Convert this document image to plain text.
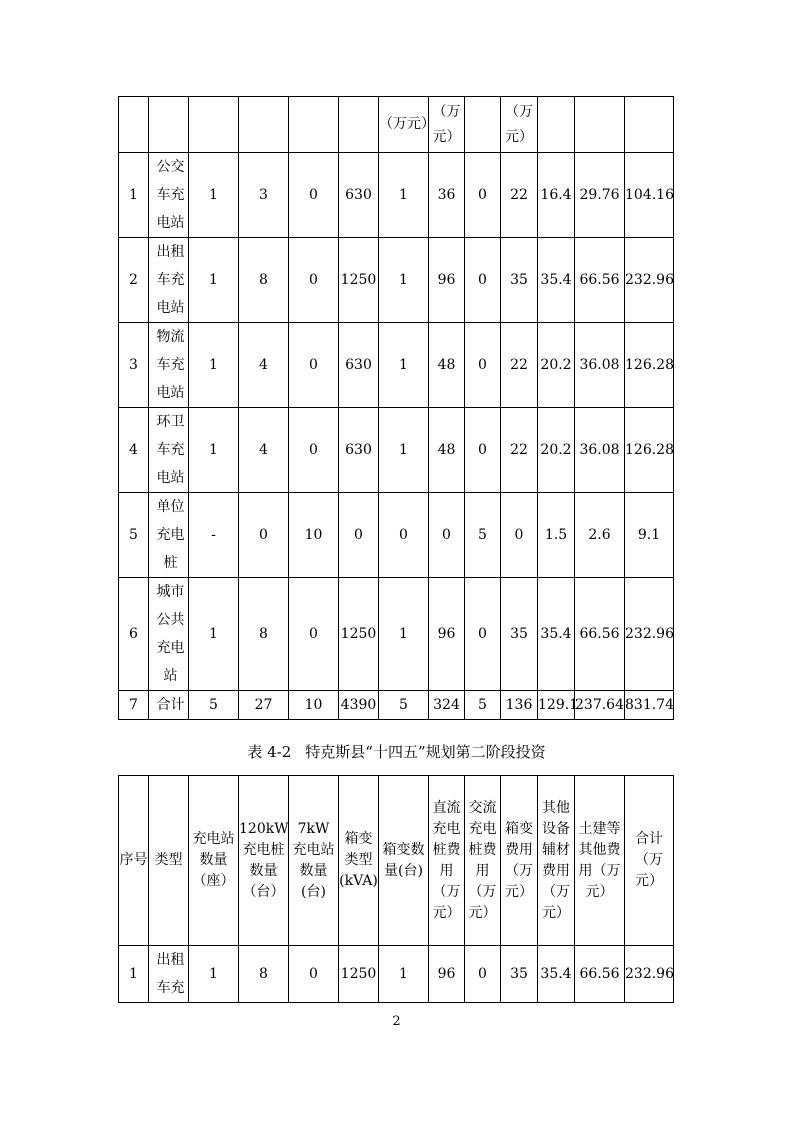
						（万元）	（万元）		（万元）			
1	公交
车充
电站	1	3	0	630	1	36	0	22	16.4	29.76	104.16
2	出租
车充
电站	1	8	0	1250	1	96	0	35	35.4	66.56	232.96
3	物流
车充
电站	1	4	0	630	1	48	0	22	20.2	36.08	126.28
4	环卫
车充
电站	1	4	0	630	1	48	0	22	20.2	36.08	126.28
5	单位
充电
桩	-	0	10	0	0	0	5	0	1.5	2.6	9.1
6	城市
公共
充电
站	1	8	0	1250	1	96	0	35	35.4	66.56	232.96
7	合计	5	27	10	4390	5	324	5	136	129.1	237.64	831.74
表 4-2 特克斯县“十四五”规划第二阶段投资
序号	类型	充电站数量（座）	120kW充电桩数量（台）	7kW 充电站数量(台)	箱变类型(kVA)	箱变数量(台)	直流充电桩费用（万元）	交流充电桩费用（万元）	箱变费用（万元）	其他设备辅材费用（万元）	土建等其他费用（万元）	合计（万元）
1	出租
车充	1	8	0	1250	1	96	0	35	35.4	66.56	232.96
2
